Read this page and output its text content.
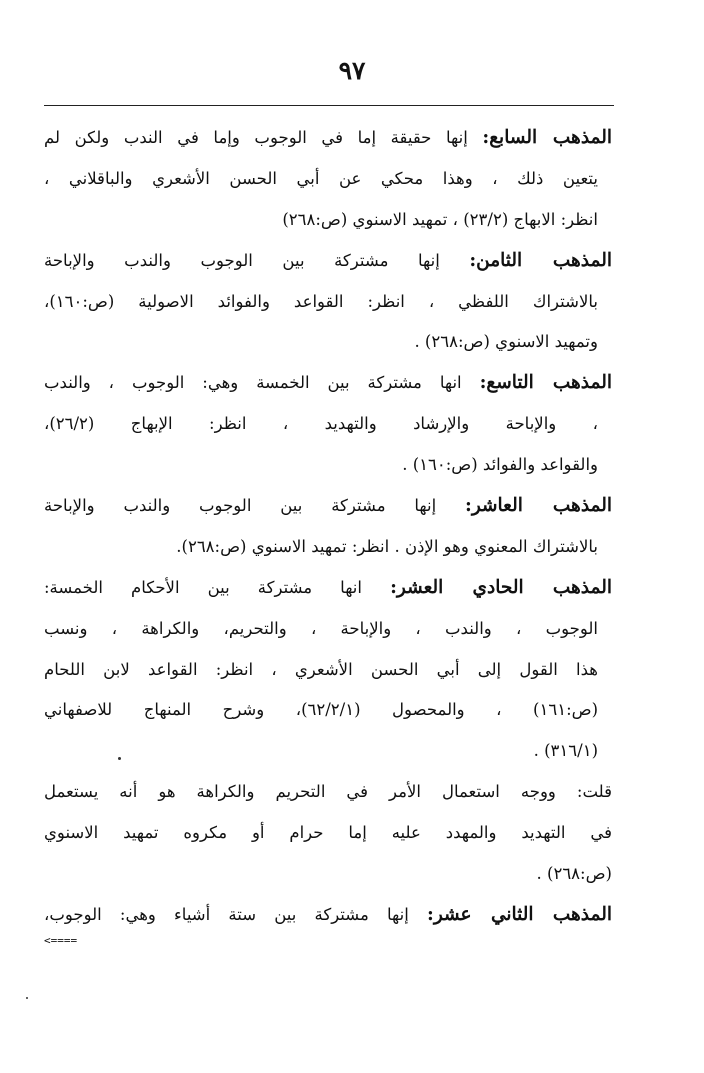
٩٧
المذهب السابع: إنها حقيقة إما في الوجوب وإما في الندب ولكن لم
يتعين ذلك ، وهذا محكي عن أبي الحسن الأشعري والباقلاني ،
انظر: الابهاج (٢٣/٢) ، تمهيد الاسنوي (ص:٢٦٨)
المذهب الثامن: إنها مشتركة بين الوجوب والندب والإباحة
بالاشتراك اللفظي ، انظر: القواعد والفوائد الاصولية (ص:١٦٠)،
وتمهيد الاسنوي (ص:٢٦٨) .
المذهب التاسع: انها مشتركة بين الخمسة وهي: الوجوب ، والندب
، والإباحة والإرشاد والتهديد ، انظر: الإبهاج (٢٦/٢)،
والقواعد والفوائد (ص:١٦٠) .
المذهب العاشر: إنها مشتركة بين الوجوب والندب والإباحة
بالاشتراك المعنوي وهو الإذن . انظر: تمهيد الاسنوي (ص:٢٦٨).
المذهب الحادي العشر: انها مشتركة بين الأحكام الخمسة:
الوجوب ، والندب ، والإباحة ، والتحريم، والكراهة ، ونسب
هذا القول إلى أبي الحسن الأشعري ، انظر: القواعد لابن اللحام
(ص:١٦١) ، والمحصول (٦٢/٢/١)، وشرح المنهاج للاصفهاني
(٣١٦/١) .
قلت: ووجه استعمال الأمر في التحريم والكراهة هو أنه يستعمل
في التهديد والمهدد عليه إما حرام أو مكروه تمهيد الاسنوي
(ص:٢٦٨) .
المذهب الثاني عشر: إنها مشتركة بين ستة أشياء وهي: الوجوب،
<====
